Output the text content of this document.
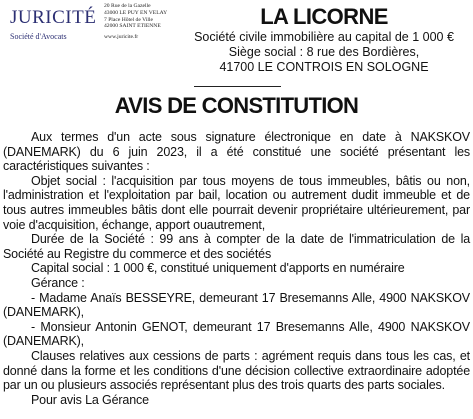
JURICITÉ
Société d'Avocats
20 Rue de la Gazelle
43000 LE PUY EN VELAY
7 Place Hôtel de Ville
42000 SAINT ETIENNE
www.juricite.fr
LA LICORNE
Société civile immobilière au capital de 1 000 €
Siège social : 8 rue des Bordières,
41700 LE CONTROIS EN SOLOGNE
AVIS DE CONSTITUTION

Aux termes d'un acte sous signature électronique en date à NAKSKOV (DANEMARK) du 6 juin 2023, il a été constitué une société présentant les caractéristiques suivantes :

Objet social : l'acquisition par tous moyens de tous immeubles, bâtis ou non, l'administration et l'exploitation par bail, location ou autrement dudit immeuble et de tous autres immeubles bâtis dont elle pourrait devenir propriétaire ultérieurement, par voie d'acquisition, échange, apport ouautrement,

Durée de la Société : 99 ans à compter de la date de l'immatriculation de la Société au Registre du commerce et des sociétés

Capital social : 1 000 €, constitué uniquement d'apports en numéraire

Gérance :

- Madame Anaïs BESSEYRE, demeurant 17 Bresemanns Alle, 4900 NAKSKOV (DANEMARK),

- Monsieur Antonin GENOT, demeurant 17 Bresemanns Alle, 4900 NAKSKOV (DANEMARK),

Clauses relatives aux cessions de parts : agrément requis dans tous les cas, et donné dans la forme et les conditions d'une décision collective extraordinaire adoptée par un ou plusieurs associés représentant plus des trois quarts des parts sociales.

Pour avis La Gérance
